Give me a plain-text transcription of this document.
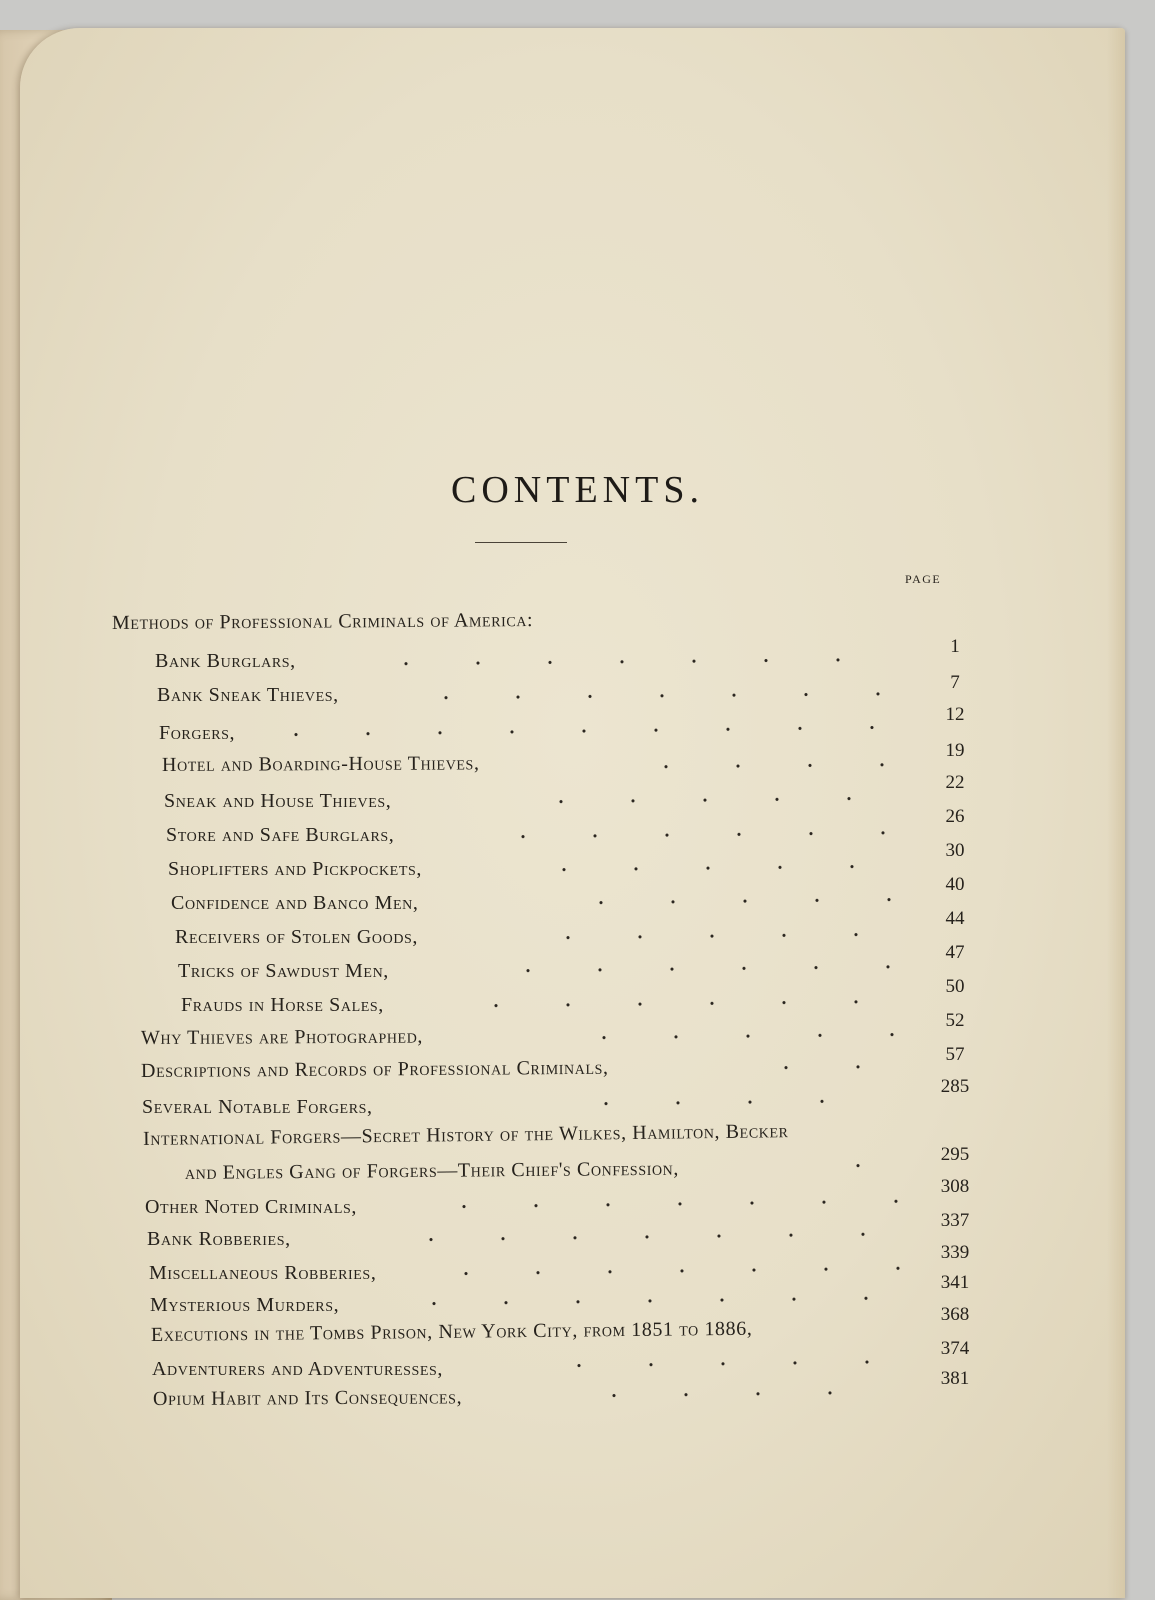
CONTENTS.
PAGE
Methods of Professional Criminals of America:
Bank Burglars,
1
Bank Sneak Thieves,
7
Forgers,
12
Hotel and Boarding-House Thieves,
19
Sneak and House Thieves,
22
Store and Safe Burglars,
26
Shoplifters and Pickpockets,
30
Confidence and Banco Men,
40
Receivers of Stolen Goods,
44
Tricks of Sawdust Men,
47
Frauds in Horse Sales,
50
Why Thieves are Photographed,
52
Descriptions and Records of Professional Criminals,
57
Several Notable Forgers,
285
International Forgers—Secret History of the Wilkes, Hamilton, Becker
and Engles Gang of Forgers—Their Chief's Confession,
295
Other Noted Criminals,
308
Bank Robberies,
337
Miscellaneous Robberies,
339
Mysterious Murders,
341
Executions in the Tombs Prison, New York City, from 1851 to 1886,
368
Adventurers and Adventuresses,
374
Opium Habit and Its Consequences,
381
